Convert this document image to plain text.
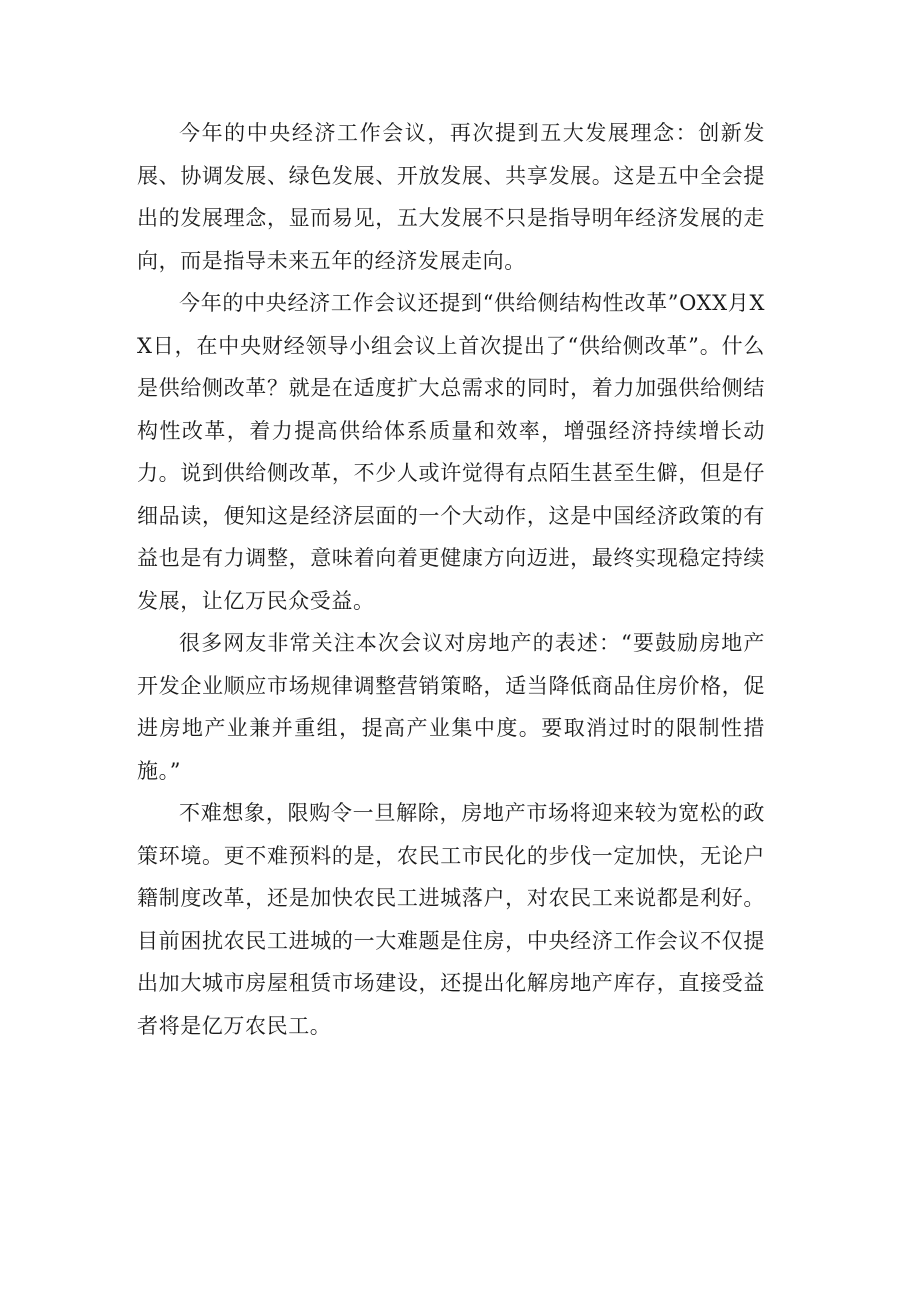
今年的中央经济工作会议，再次提到五大发展理念：创新发展、协调发展、绿色发展、开放发展、共享发展。这是五中全会提出的发展理念，显而易见，五大发展不只是指导明年经济发展的走向，而是指导未来五年的经济发展走向。

今年的中央经济工作会议还提到“供给侧结构性改革”OXX月XX日，在中央财经领导小组会议上首次提出了“供给侧改革”。什么是供给侧改革？就是在适度扩大总需求的同时，着力加强供给侧结构性改革，着力提高供给体系质量和效率，增强经济持续增长动力。说到供给侧改革，不少人或许觉得有点陌生甚至生僻，但是仔细品读，便知这是经济层面的一个大动作，这是中国经济政策的有益也是有力调整，意味着向着更健康方向迈进，最终实现稳定持续发展，让亿万民众受益。

很多网友非常关注本次会议对房地产的表述：“要鼓励房地产开发企业顺应市场规律调整营销策略，适当降低商品住房价格，促进房地产业兼并重组，提高产业集中度。要取消过时的限制性措施。”

不难想象，限购令一旦解除，房地产市场将迎来较为宽松的政策环境。更不难预料的是，农民工市民化的步伐一定加快，无论户籍制度改革，还是加快农民工进城落户，对农民工来说都是利好。目前困扰农民工进城的一大难题是住房，中央经济工作会议不仅提出加大城市房屋租赁市场建设，还提出化解房地产库存，直接受益者将是亿万农民工。
